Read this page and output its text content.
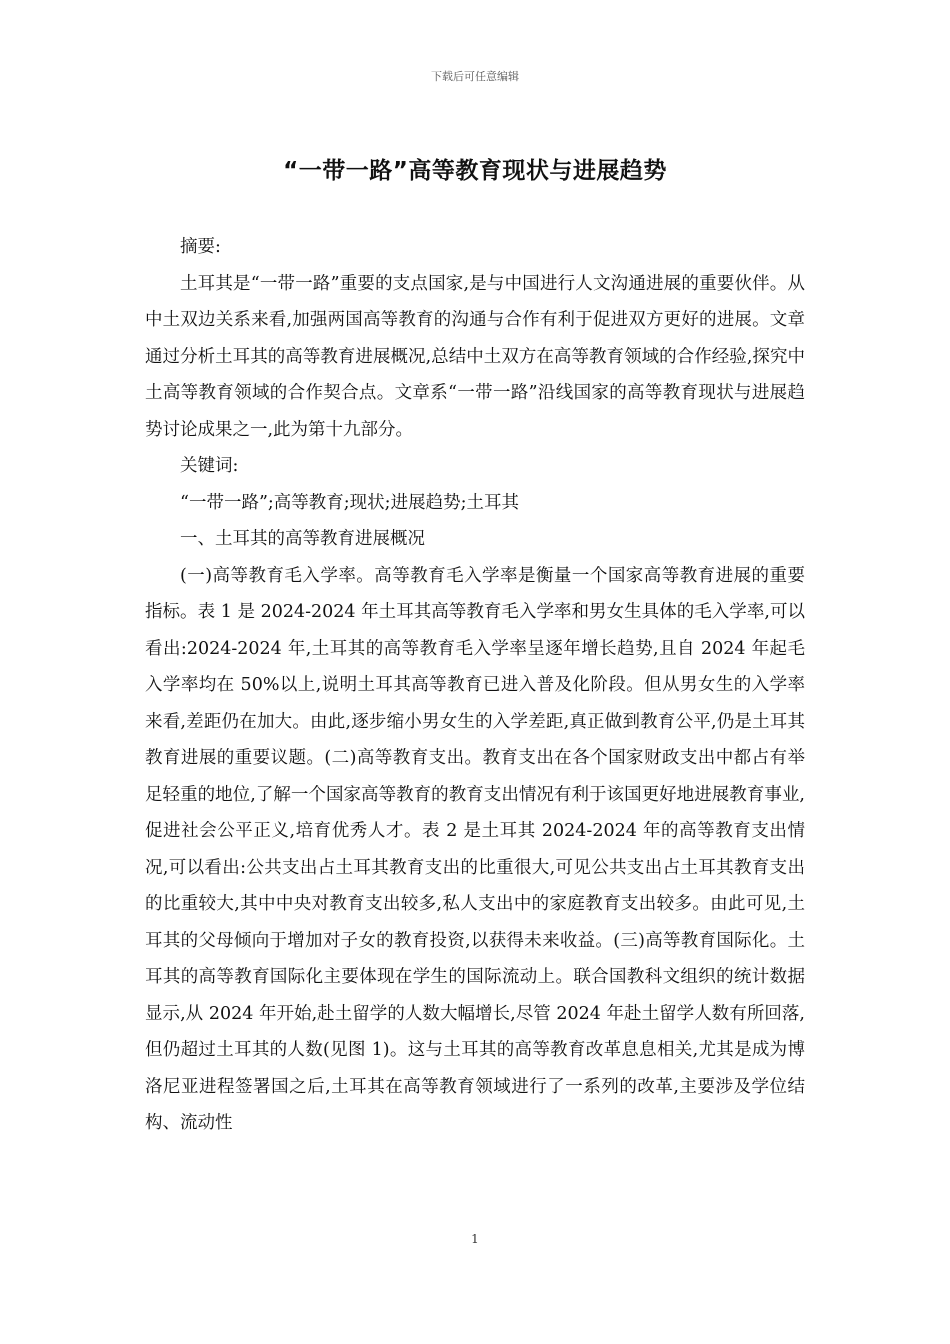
下载后可任意编辑
“一带一路”高等教育现状与进展趋势

摘要:

土耳其是“一带一路”重要的支点国家,是与中国进行人文沟通进展的重要伙伴。从中土双边关系来看,加强两国高等教育的沟通与合作有利于促进双方更好的进展。文章通过分析土耳其的高等教育进展概况,总结中土双方在高等教育领域的合作经验,探究中土高等教育领域的合作契合点。文章系“一带一路”沿线国家的高等教育现状与进展趋势讨论成果之一,此为第十九部分。

关键词:

“一带一路”;高等教育;现状;进展趋势;土耳其

一、土耳其的高等教育进展概况

(一)高等教育毛入学率。高等教育毛入学率是衡量一个国家高等教育进展的重要指标。表 1 是 2024-2024 年土耳其高等教育毛入学率和男女生具体的毛入学率,可以看出:2024-2024 年,土耳其的高等教育毛入学率呈逐年增长趋势,且自 2024 年起毛入学率均在 50%以上,说明土耳其高等教育已进入普及化阶段。但从男女生的入学率来看,差距仍在加大。由此,逐步缩小男女生的入学差距,真正做到教育公平,仍是土耳其教育进展的重要议题。(二)高等教育支出。教育支出在各个国家财政支出中都占有举足轻重的地位,了解一个国家高等教育的教育支出情况有利于该国更好地进展教育事业,促进社会公平正义,培育优秀人才。表 2 是土耳其 2024-2024 年的高等教育支出情况,可以看出:公共支出占土耳其教育支出的比重很大,可见公共支出占土耳其教育支出的比重较大,其中中央对教育支出较多,私人支出中的家庭教育支出较多。由此可见,土耳其的父母倾向于增加对子女的教育投资,以获得未来收益。(三)高等教育国际化。土耳其的高等教育国际化主要体现在学生的国际流动上。联合国教科文组织的统计数据显示,从 2024 年开始,赴土留学的人数大幅增长,尽管 2024 年赴土留学人数有所回落,但仍超过土耳其的人数(见图 1)。这与土耳其的高等教育改革息息相关,尤其是成为博洛尼亚进程签署国之后,土耳其在高等教育领域进行了一系列的改革,主要涉及学位结构、流动性

1
